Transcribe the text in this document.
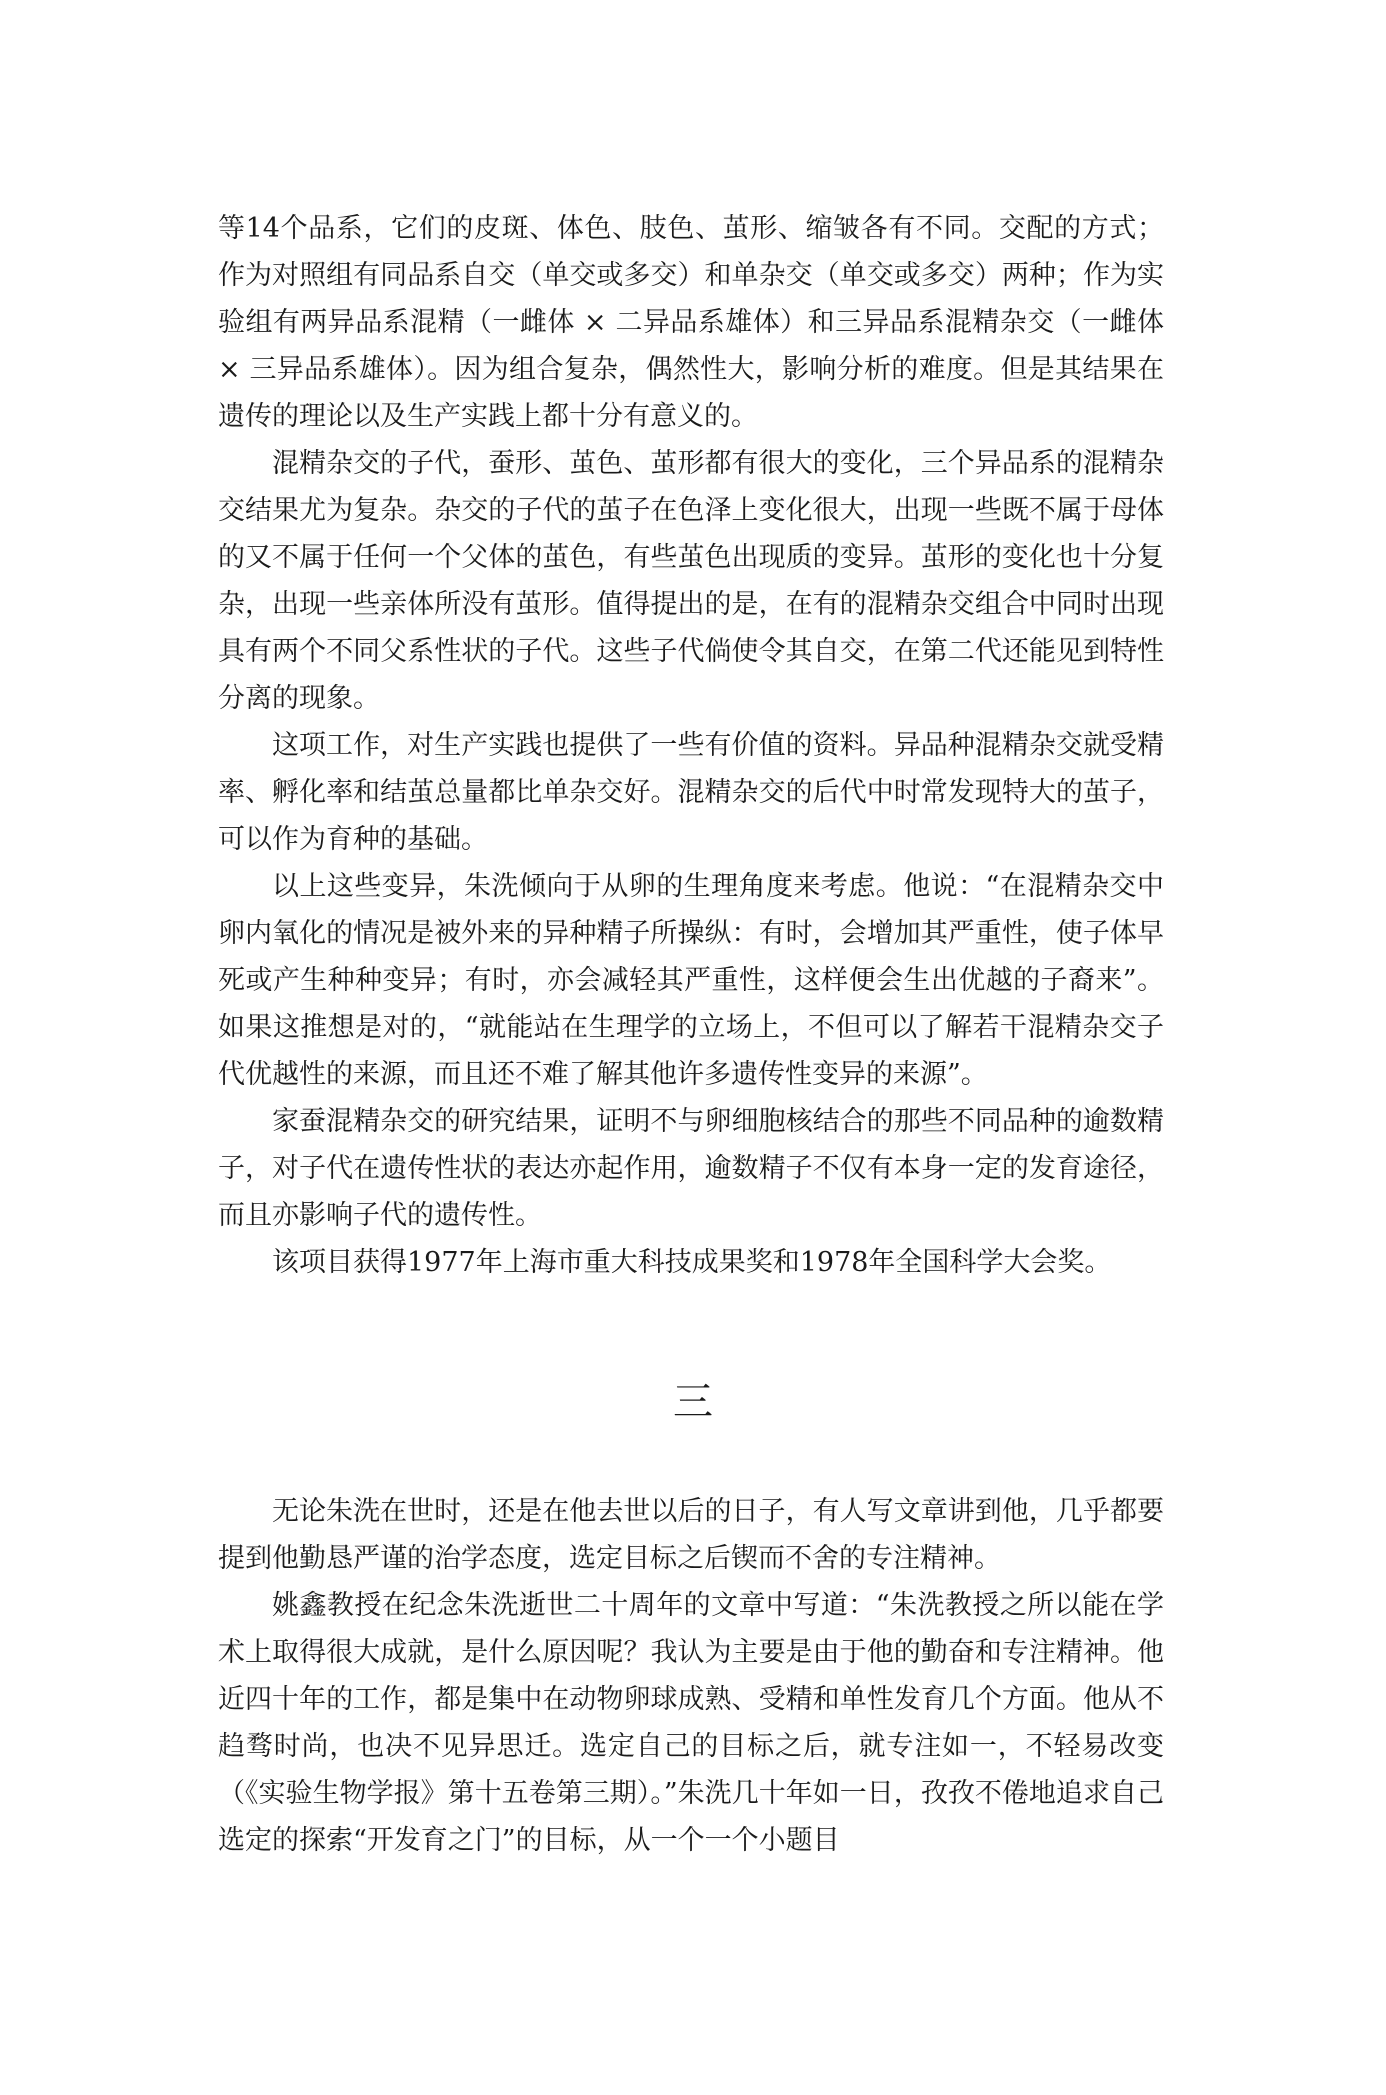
等14个品系，它们的皮斑、体色、肢色、茧形、缩皱各有不同。交配的方式；作为对照组有同品系自交（单交或多交）和单杂交（单交或多交）两种；作为实验组有两异品系混精（一雌体 × 二异品系雄体）和三异品系混精杂交（一雌体 × 三异品系雄体）。因为组合复杂，偶然性大，影响分析的难度。但是其结果在遗传的理论以及生产实践上都十分有意义的。

混精杂交的子代，蚕形、茧色、茧形都有很大的变化，三个异品系的混精杂交结果尤为复杂。杂交的子代的茧子在色泽上变化很大，出现一些既不属于母体的又不属于任何一个父体的茧色，有些茧色出现质的变异。茧形的变化也十分复杂，出现一些亲体所没有茧形。值得提出的是，在有的混精杂交组合中同时出现具有两个不同父系性状的子代。这些子代倘使令其自交，在第二代还能见到特性分离的现象。

这项工作，对生产实践也提供了一些有价值的资料。异品种混精杂交就受精率、孵化率和结茧总量都比单杂交好。混精杂交的后代中时常发现特大的茧子，可以作为育种的基础。

以上这些变异，朱洗倾向于从卵的生理角度来考虑。他说：“在混精杂交中卵内氧化的情况是被外来的异种精子所操纵：有时，会增加其严重性，使子体早死或产生种种变异；有时，亦会减轻其严重性，这样便会生出优越的子裔来”。如果这推想是对的，“就能站在生理学的立场上，不但可以了解若干混精杂交子代优越性的来源，而且还不难了解其他许多遗传性变异的来源”。

家蚕混精杂交的研究结果，证明不与卵细胞核结合的那些不同品种的逾数精子，对子代在遗传性状的表达亦起作用，逾数精子不仅有本身一定的发育途径，而且亦影响子代的遗传性。

该项目获得1977年上海市重大科技成果奖和1978年全国科学大会奖。

三

无论朱洗在世时，还是在他去世以后的日子，有人写文章讲到他，几乎都要提到他勤恳严谨的治学态度，选定目标之后锲而不舍的专注精神。

姚鑫教授在纪念朱洗逝世二十周年的文章中写道：“朱洗教授之所以能在学术上取得很大成就，是什么原因呢？我认为主要是由于他的勤奋和专注精神。他近四十年的工作，都是集中在动物卵球成熟、受精和单性发育几个方面。他从不趋骛时尚，也决不见异思迁。选定自己的目标之后，就专注如一，不轻易改变（《实验生物学报》第十五卷第三期）。”朱洗几十年如一日，孜孜不倦地追求自己选定的探索“开发育之门”的目标，从一个一个小题目
